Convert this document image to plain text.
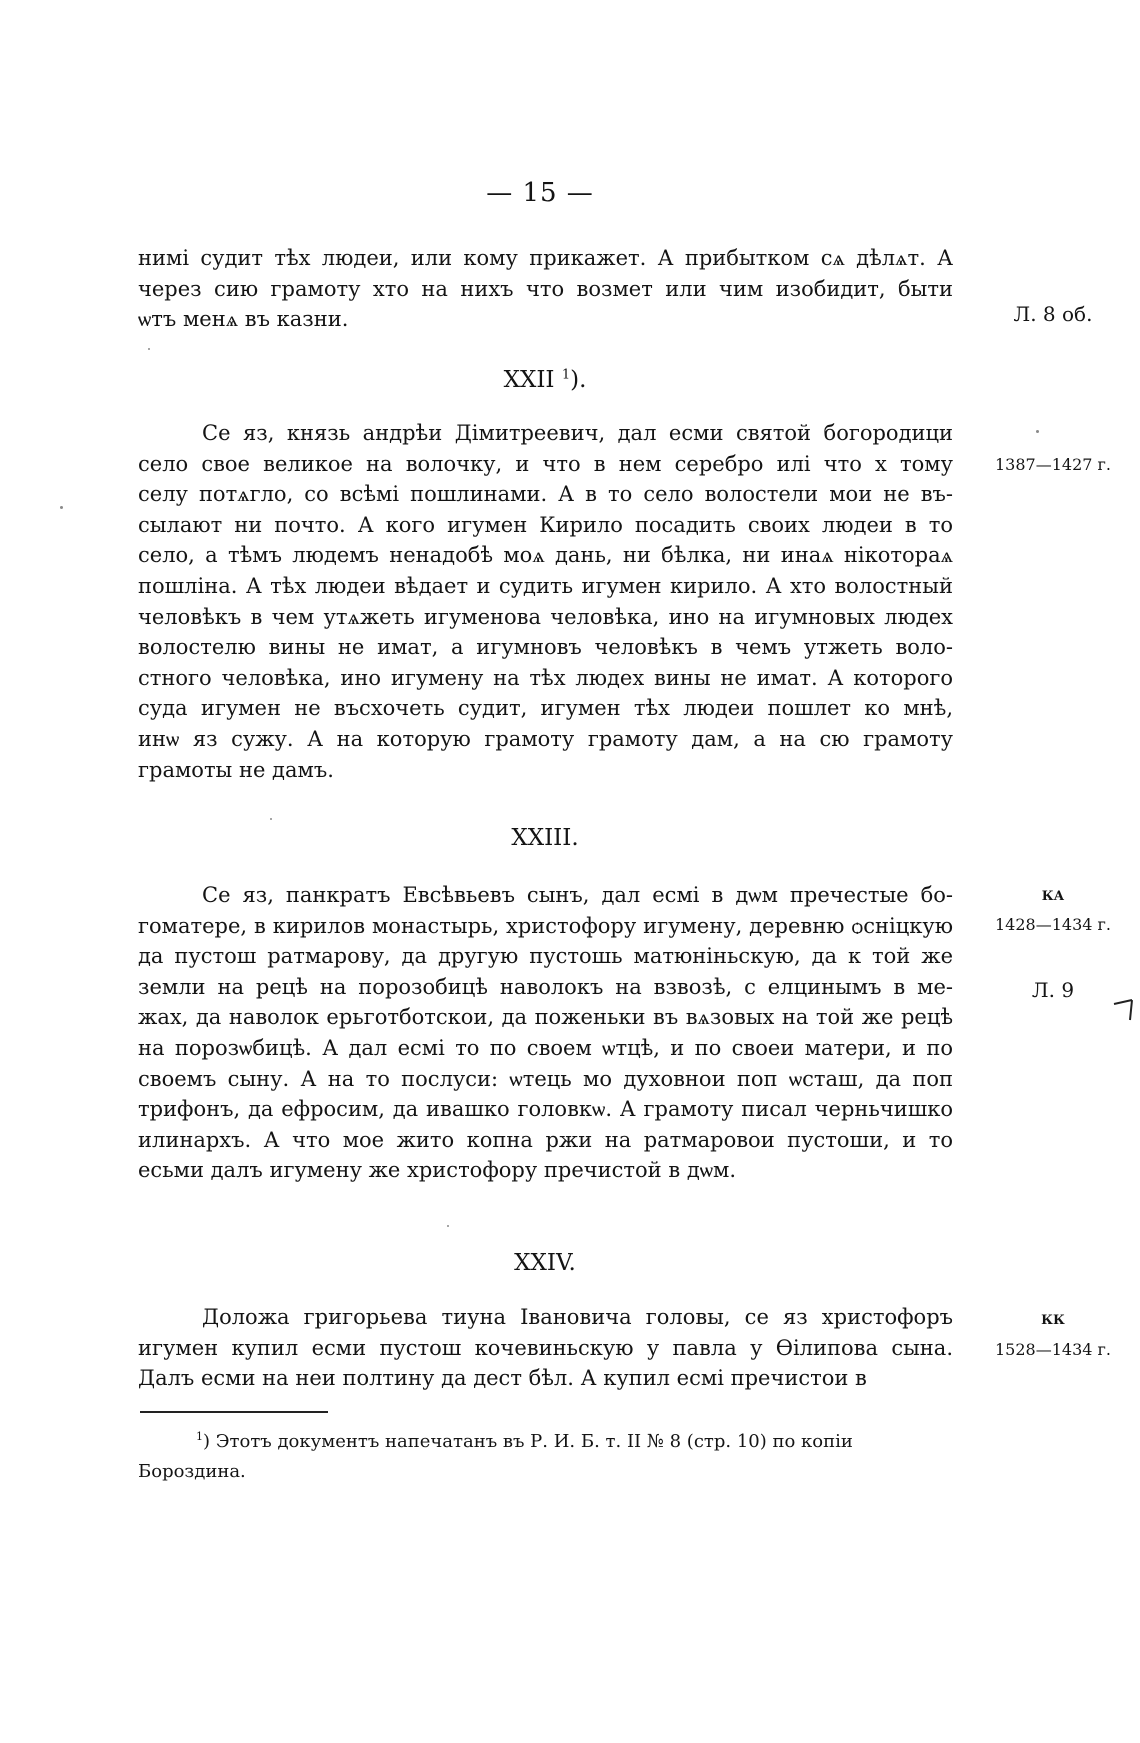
— 15 —
нимі судит тѣх людеи, или кому прикажет. А прибытком сѧ дѣлѧт. А
через сию грамоту хто на нихъ что возмет или чим изобидит, быти
ѡтъ менѧ въ казни.	Л. 8 об.
XXII $^1$).
Се яз, князь андрѣи Дімитреевич, дал есми святой богородици
село свое великое на волочку, и что в нем серебро илі что х тому
селу потѧгло, со всѣмі пошлинами. А в то село волостели мои не въ-
сылают ни почто. А кого игумен Кирило посадить своих людеи в то
село, а тѣмъ людемъ ненадобѣ моѧ дань, ни бѣлка, ни инаѧ нікотораѧ
пошліна. А тѣх людеи вѣдает и судить игумен кирило. А хто волостный
человѣкъ в чем утѧжеть игуменова человѣка, ино на игумновых людех
волостелю вины не имат, а игумновъ человѣкъ в чемъ утжеть воло-
стного человѣка, ино игумену на тѣх людех вины не имат. А которого
суда игумен не въсхочеть судит, игумен тѣх людеи пошлет ко мнѣ,
инѡ яз сужу. А на которую грамоту грамоту дам, а на сю грамоту
грамоты не дамъ.
1387—1427 г.
XXIII.
Се яз, панкратъ Евсѣвьевъ сынъ, дал есмі в дѡм пречестые бо-
гоматере, в кирилов монастырь, христофору игумену, деревню ѻсніцкую
да пустош ратмарову, да другую пустошь матюніньскую, да к той же
земли на рецѣ на порозобицѣ наволокъ на взвозѣ, с елцинымъ в ме-
жах, да наволок ерьготботскои, да поженьки въ вѧзовых на той же рецѣ
на порозѡбицѣ. А дал есмі то по своем ѡтцѣ, и по своеи матери, и по
своемъ сыну. А на то послуси: ѡтець мо духовнои поп ѡсташ, да поп
трифонъ, да ефросим, да ивашко головкѡ. А грамоту писал черньчишко
илинархъ. А что мое жито копна ржи на ратмаровои пустоши, и то
есьми далъ игумену же христофору пречистой в дѡм.
КА
1428—1434 г.
Л. 9
XXIV.
Доложа григорьева тиуна Івановича головы, се яз христофоръ
игумен купил есми пустош кочевиньскую у павла у Ѳілипова сына.
Далъ есми на неи полтину да дест бѣл. А купил есмі пречистои в
КК
1528—1434 г.
$^1$) Этотъ документъ напечатанъ въ Р. И. Б. т. II № 8 (стр. 10) по копіи
Бороздина.
